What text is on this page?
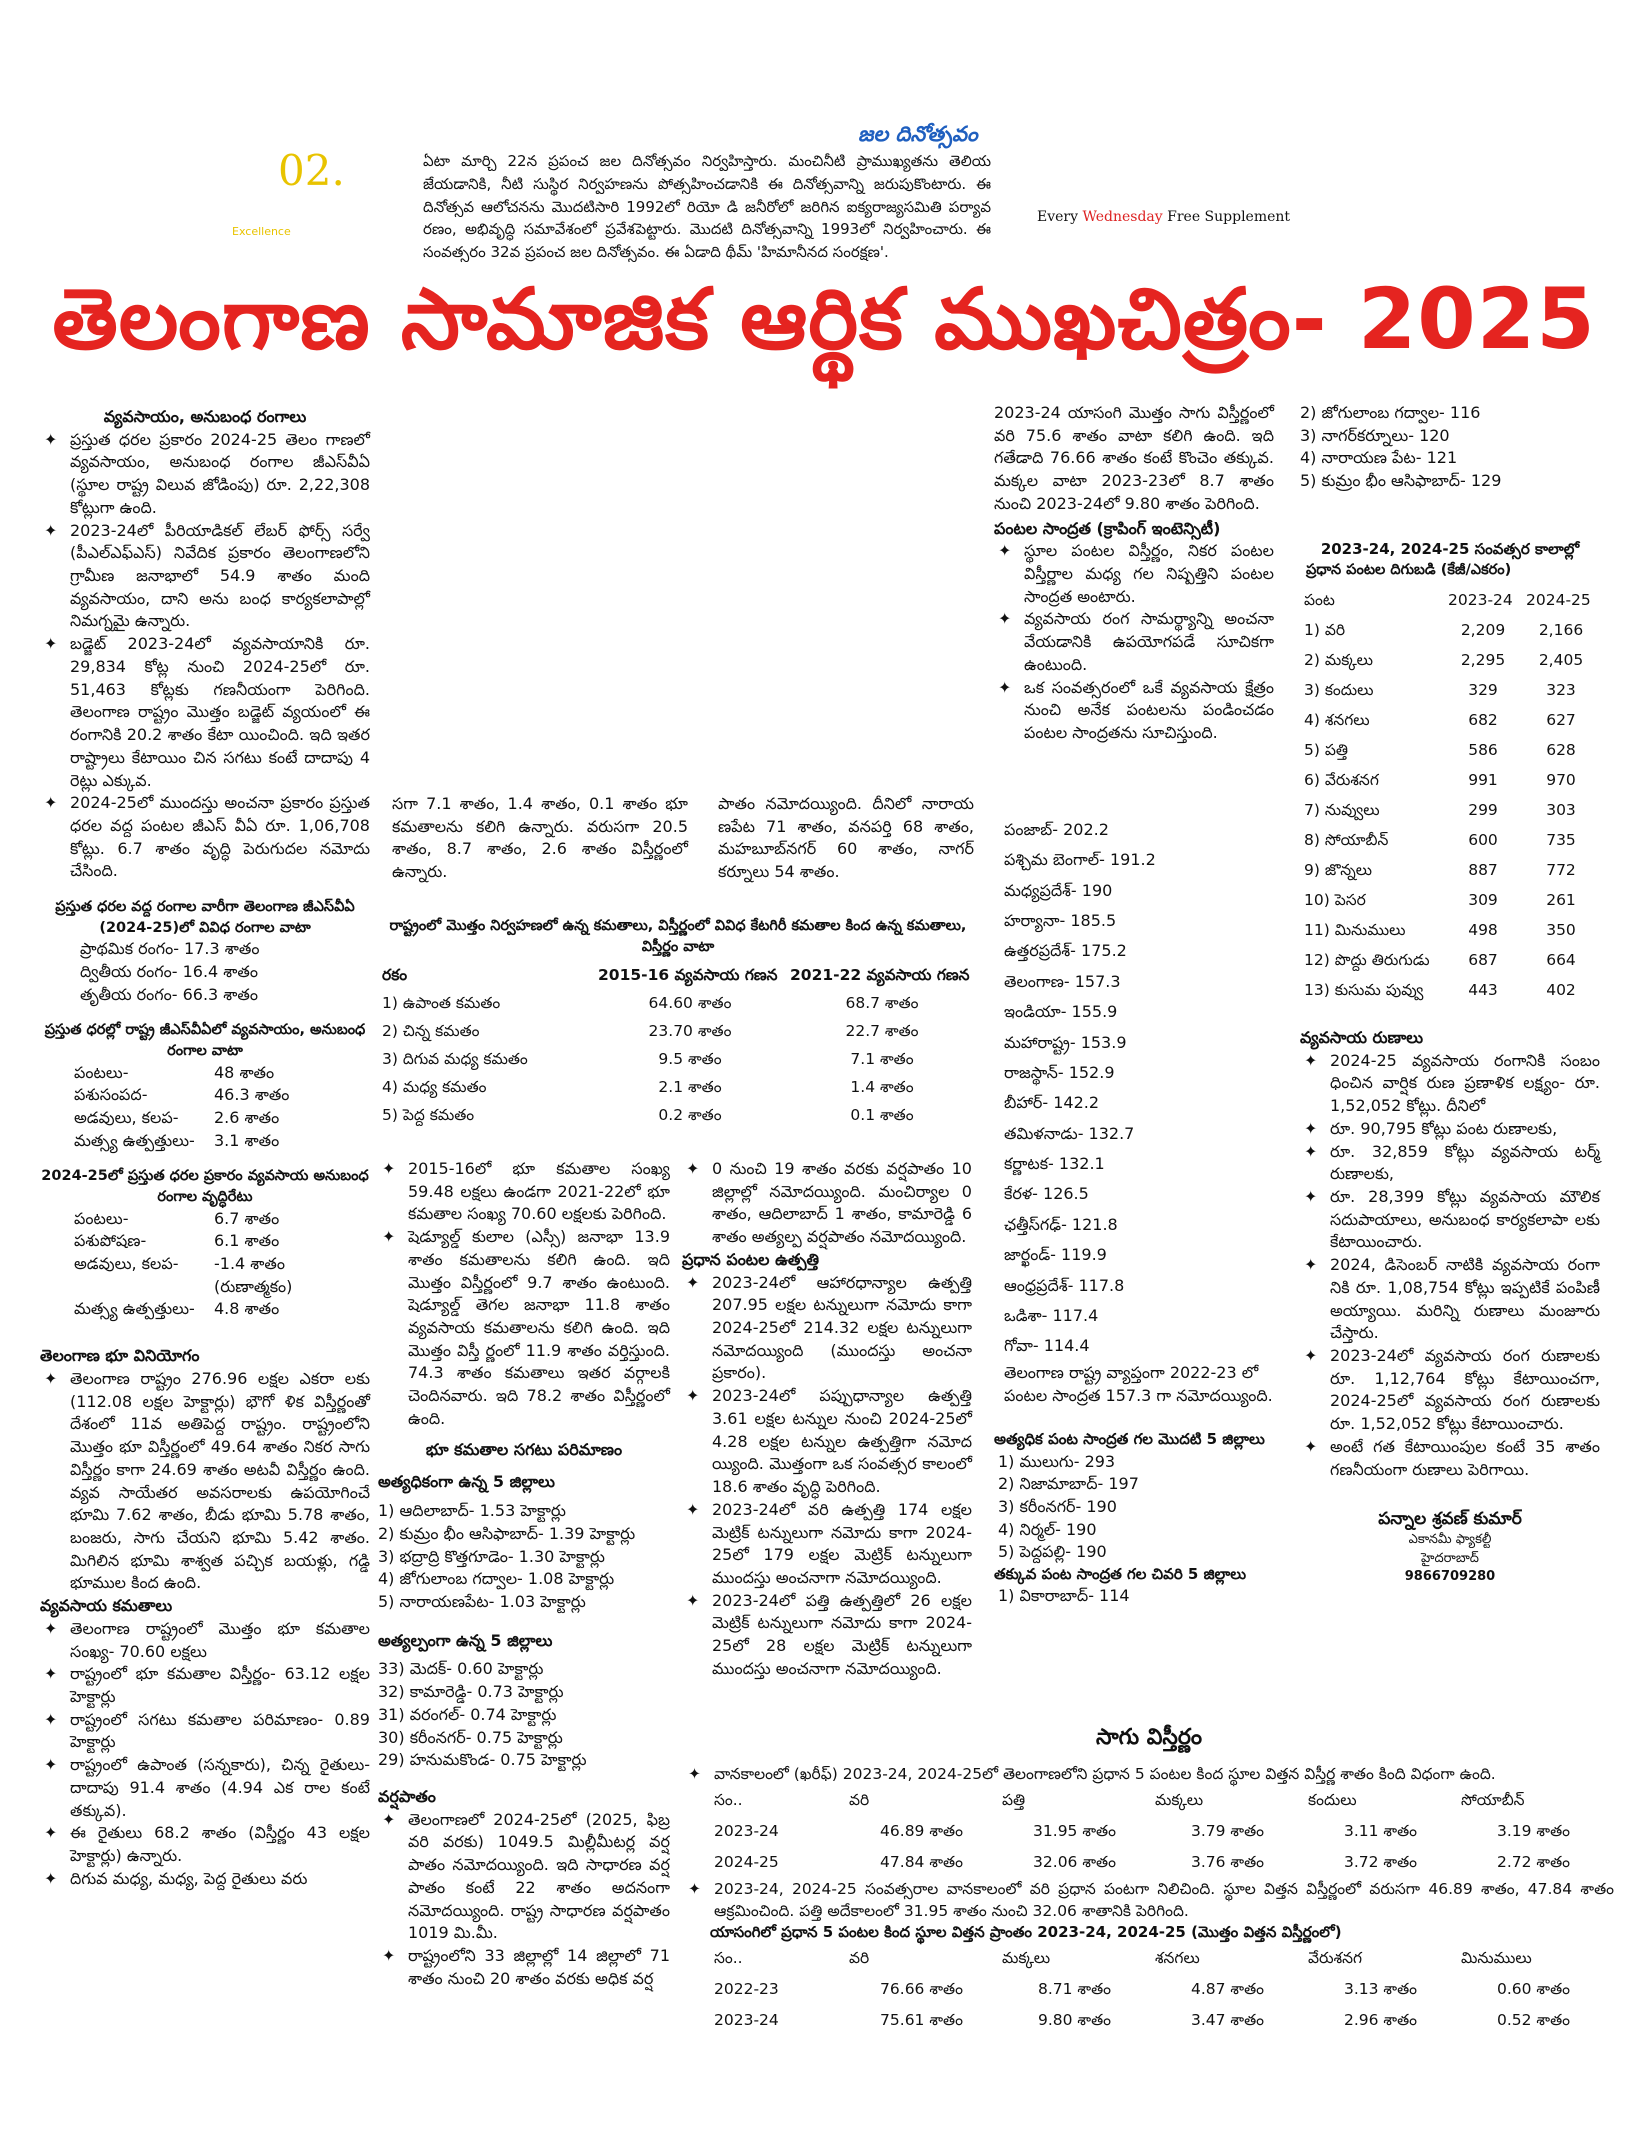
02.
Excellence
జల దినోత్సవం
ఏటా మార్చి 22న ప్రపంచ జల దినోత్సవం నిర్వహిస్తారు. మంచినీటి ప్రాముఖ్యతను తెలియ జేయడానికి, నీటి సుస్థిర నిర్వహణను పోత్సహించడానికి ఈ దినోత్సవాన్ని జరుపుకొంటారు. ఈ దినోత్సవ ఆలోచనను మొదటిసారి 1992లో రియో డి జనీరోలో జరిగిన ఐక్యరాజ్యసమితి పర్యావ రణం, అభివృద్ధి సమావేశంలో ప్రవేశపెట్టారు. మొదటి దినోత్సవాన్ని 1993లో నిర్వహించారు. ఈ సంవత్సరం 32వ ప్రపంచ జల దినోత్సవం. ఈ ఏడాది థీమ్ 'హిమానీనద సంరక్షణ'.
Every Wednesday Free Supplement
తెలంగాణ సామాజిక ఆర్థిక ముఖచిత్రం- 2025

వ్యవసాయం, అనుబంధ రంగాలు

✦ ప్రస్తుత ధరల ప్రకారం 2024-25 తెలం గాణలో వ్యవసాయం, అనుబంధ రంగాల జీఎస్‌వీఏ (స్థూల రాష్ట్ర విలువ జోడింపు) రూ. 2,22,308 కోట్లుగా ఉంది.

✦ 2023-24లో పీరియాడికల్ లేబర్ ఫోర్స్ సర్వే (పీఎల్ఎఫ్ఎస్) నివేదిక ప్రకారం తెలంగాణలోని గ్రామీణ జనాభాలో 54.9 శాతం మంది వ్యవసాయం, దాని అను బంధ కార్యకలాపాల్లో నిమగ్నమై ఉన్నారు.

✦ బడ్జెట్ 2023-24లో వ్యవసాయానికి రూ. 29,834 కోట్ల నుంచి 2024-25లో రూ. 51,463 కోట్లకు గణనీయంగా పెరిగింది. తెలంగాణ రాష్ట్రం మొత్తం బడ్జెట్ వ్యయంలో ఈ రంగానికి 20.2 శాతం కేటా యించింది. ఇది ఇతర రాష్ట్రాలు కేటాయిం చిన సగటు కంటే దాదాపు 4 రెట్లు ఎక్కువ.

✦ 2024-25లో ముందస్తు అంచనా ప్రకారం ప్రస్తుత ధరల వద్ద పంటల జీఎస్ వీఏ రూ. 1,06,708 కోట్లు. 6.7 శాతం వృద్ధి పెరుగుదల నమోదు చేసింది.

ప్రస్తుత ధరల వద్ద రంగాల వారీగా తెలంగాణ జీఎస్‌వీఏ (2024-25)లో వివిధ రంగాల వాటా

ప్రాథమిక రంగం- 17.3 శాతం

ద్వితీయ రంగం- 16.4 శాతం

తృతీయ రంగం- 66.3 శాతం

ప్రస్తుత ధరల్లో రాష్ట్ర జీఎస్‌వీఏలో వ్యవసాయం, అనుబంధ రంగాల వాటా

పంటలు-	48 శాతం
పశుసంపద-	46.3 శాతం
అడవులు, కలప-	2.6 శాతం
మత్స్య ఉత్పత్తులు-	3.1 శాతం

2024-25లో ప్రస్తుత ధరల ప్రకారం వ్యవసాయ అనుబంధ రంగాల వృద్ధిరేటు

పంటలు-	6.7 శాతం
పశుపోషణ-	6.1 శాతం
అడవులు, కలప-	-1.4 శాతం
(రుణాత్మకం)
మత్స్య ఉత్పత్తులు-	4.8 శాతం

తెలంగాణ భూ వినియోగం

✦ తెలంగాణ రాష్ట్రం 276.96 లక్షల ఎకరా లకు (112.08 లక్షల హెక్టార్లు) భౌగో ళిక విస్తీర్ణంతో దేశంలో 11వ అతిపెద్ద రాష్ట్రం. రాష్ట్రంలోని మొత్తం భూ విస్తీర్ణంలో 49.64 శాతం నికర సాగు విస్తీర్ణం కాగా 24.69 శాతం అటవీ విస్తీర్ణం ఉంది. వ్యవ సాయేతర అవసరాలకు ఉపయోగించే భూమి 7.62 శాతం, బీడు భూమి 5.78 శాతం, బంజరు, సాగు చేయని భూమి 5.42 శాతం. మిగిలిన భూమి శాశ్వత పచ్చిక బయళ్లు, గడ్డి భూముల కింద ఉంది.

వ్యవసాయ కమతాలు

✦ తెలంగాణ రాష్ట్రంలో మొత్తం భూ కమతాల సంఖ్య- 70.60 లక్షలు

✦ రాష్ట్రంలో భూ కమతాల విస్తీర్ణం- 63.12 లక్షల హెక్టార్లు

✦ రాష్ట్రంలో సగటు కమతాల పరిమాణం- 0.89 హెక్టార్లు

✦ రాష్ట్రంలో ఉపాంత (సన్నకారు), చిన్న రైతులు- దాదాపు 91.4 శాతం (4.94 ఎక రాల కంటే తక్కువ).

✦ ఈ రైతులు 68.2 శాతం (విస్తీర్ణం 43 లక్షల హెక్టార్లు) ఉన్నారు.

✦ దిగువ మధ్య, మధ్య, పెద్ద రైతులు వరు

సగా 7.1 శాతం, 1.4 శాతం, 0.1 శాతం భూ కమతాలను కలిగి ఉన్నారు. వరుసగా 20.5 శాతం, 8.7 శాతం, 2.6 శాతం విస్తీర్ణంలో ఉన్నారు.

పాతం నమోదయ్యింది. దీనిలో నారాయ ణపేట 71 శాతం, వనపర్తి 68 శాతం, మహబూబ్‌నగర్ 60 శాతం, నాగర్ కర్నూలు 54 శాతం.

రాష్ట్రంలో మొత్తం నిర్వహణలో ఉన్న కమతాలు, విస్తీర్ణంలో వివిధ కేటగిరీ కమతాల కింద ఉన్న కమతాలు, విస్తీర్ణం వాటా

రకం	2015-16 వ్యవసాయ గణన	2021-22 వ్యవసాయ గణన
1) ఉపాంత కమతం	64.60 శాతం	68.7 శాతం
2) చిన్న కమతం	23.70 శాతం	22.7 శాతం
3) దిగువ మధ్య కమతం	9.5 శాతం	7.1 శాతం
4) మధ్య కమతం	2.1 శాతం	1.4 శాతం
5) పెద్ద కమతం	0.2 శాతం	0.1 శాతం

✦ 2015-16లో భూ కమతాల సంఖ్య 59.48 లక్షలు ఉండగా 2021-22లో భూ కమతాల సంఖ్య 70.60 లక్షలకు పెరిగింది.

✦ షెడ్యూల్డ్ కులాల (ఎస్సీ) జనాభా 13.9 శాతం కమతాలను కలిగి ఉంది. ఇది మొత్తం విస్తీర్ణంలో 9.7 శాతం ఉంటుంది. షెడ్యూల్డ్ తెగల జనాభా 11.8 శాతం వ్యవసాయ కమతాలను కలిగి ఉంది. ఇది మొత్తం విస్తీ ర్ణంలో 11.9 శాతం వర్తిస్తుంది. 74.3 శాతం కమతాలు ఇతర వర్గాలకి చెందినవారు. ఇది 78.2 శాతం విస్తీర్ణంలో ఉంది.

భూ కమతాల సగటు పరిమాణం

అత్యధికంగా ఉన్న 5 జిల్లాలు

1) ఆదిలాబాద్- 1.53 హెక్టార్లు

2) కుమ్రం భీం ఆసిఫాబాద్- 1.39 హెక్టార్లు

3) భద్రాద్రి కొత్తగూడెం- 1.30 హెక్టార్లు

4) జోగులాంబ గద్వాల- 1.08 హెక్టార్లు

5) నారాయణపేట- 1.03 హెక్టార్లు

అత్యల్పంగా ఉన్న 5 జిల్లాలు

33) మెదక్- 0.60 హెక్టార్లు

32) కామారెడ్డి- 0.73 హెక్టార్లు

31) వరంగల్- 0.74 హెక్టార్లు

30) కరీంనగర్- 0.75 హెక్టార్లు

29) హనుమకొండ- 0.75 హెక్టార్లు

వర్షపాతం

✦ తెలంగాణలో 2024-25లో (2025, ఫిబ్ర వరి వరకు) 1049.5 మిల్లీమీటర్ల వర్ష పాతం నమోదయ్యింది. ఇది సాధారణ వర్ష పాతం కంటే 22 శాతం అదనంగా నమోదయ్యింది. రాష్ట్ర సాధారణ వర్షపాతం 1019 మి.మీ.

✦ రాష్ట్రంలోని 33 జిల్లాల్లో 14 జిల్లాలో 71 శాతం నుంచి 20 శాతం వరకు అధిక వర్ష

✦ 0 నుంచి 19 శాతం వరకు వర్షపాతం 10 జిల్లాల్లో నమోదయ్యింది. మంచిర్యాల 0 శాతం, ఆదిలాబాద్ 1 శాతం, కామారెడ్డి 6 శాతం అత్యల్ప వర్షపాతం నమోదయ్యింది.

ప్రధాన పంటల ఉత్పత్తి

✦ 2023-24లో ఆహారధాన్యాల ఉత్పత్తి 207.95 లక్షల టన్నులుగా నమోదు కాగా 2024-25లో 214.32 లక్షల టన్నులుగా నమోదయ్యింది (ముందస్తు అంచనా ప్రకారం).

✦ 2023-24లో పప్పుధాన్యాల ఉత్పత్తి 3.61 లక్షల టన్నుల నుంచి 2024-25లో 4.28 లక్షల టన్నుల ఉత్పత్తిగా నమోద య్యింది. మొత్తంగా ఒక సంవత్సర కాలంలో 18.6 శాతం వృద్ధి పెరిగింది.

✦ 2023-24లో వరి ఉత్పత్తి 174 లక్షల మెట్రిక్ టన్నులుగా నమోదు కాగా 2024-25లో 179 లక్షల మెట్రిక్ టన్నులుగా ముందస్తు అంచనాగా నమోదయ్యింది.

✦ 2023-24లో పత్తి ఉత్పత్తిలో 26 లక్షల మెట్రిక్ టన్నులుగా నమోదు కాగా 2024-25లో 28 లక్షల మెట్రిక్ టన్నులుగా ముందస్తు అంచనాగా నమోదయ్యింది.

2023-24 యాసంగి మొత్తం సాగు విస్తీర్ణంలో వరి 75.6 శాతం వాటా కలిగి ఉంది. ఇది గతేడాది 76.66 శాతం కంటే కొంచెం తక్కువ. మక్కల వాటా 2023-23లో 8.7 శాతం నుంచి 2023-24లో 9.80 శాతం పెరిగింది.

పంటల సాంద్రత (క్రాపింగ్ ఇంటెన్సిటీ)

✦ స్థూల పంటల విస్తీర్ణం, నికర పంటల విస్తీర్ణాల మధ్య గల నిష్పత్తిని పంటల సాంద్రత అంటారు.

✦ వ్యవసాయ రంగ సామర్థ్యాన్ని అంచనా వేయడానికి ఉపయోగపడే సూచికగా ఉంటుంది.

✦ ఒక సంవత్సరంలో ఒకే వ్యవసాయ క్షేత్రం నుంచి అనేక పంటలను పండించడం పంటల సాంద్రతను సూచిస్తుంది.

పంజాబ్- 202.2

పశ్చిమ బెంగాల్- 191.2

మధ్యప్రదేశ్- 190

హర్యానా- 185.5

ఉత్తరప్రదేశ్- 175.2

తెలంగాణ- 157.3

ఇండియా- 155.9

మహారాష్ట్ర- 153.9

రాజస్థాన్- 152.9

బీహార్- 142.2

తమిళనాడు- 132.7

కర్ణాటక- 132.1

కేరళ- 126.5

ఛత్తీస్‌గఢ్- 121.8

జార్ఖండ్- 119.9

ఆంధ్రప్రదేశ్- 117.8

ఒడిశా- 117.4

గోవా- 114.4

తెలంగాణ రాష్ట్ర వ్యాప్తంగా 2022-23 లో పంటల సాంద్రత 157.3 గా నమోదయ్యింది.

అత్యధిక పంట సాంద్రత గల మొదటి 5 జిల్లాలు

1) ములుగు- 293

2) నిజామాబాద్- 197

3) కరీంనగర్- 190

4) నిర్మల్- 190

5) పెద్దపల్లి- 190

తక్కువ పంట సాంద్రత గల చివరి 5 జిల్లాలు

1) వికారాబాద్- 114

2) జోగులాంబ గద్వాల- 116

3) నాగర్‌కర్నూలు- 120

4) నారాయణ పేట- 121

5) కుమ్రం భీం ఆసిఫాబాద్- 129

2023-24, 2024-25 సంవత్సర కాలాల్లో

ప్రధాన పంటల దిగుబడి (కేజీ/ఎకరం)

పంట	2023-24	2024-25
1) వరి	2,209	2,166
2) మక్కలు	2,295	2,405
3) కందులు	329	323
4) శనగలు	682	627
5) పత్తి	586	628
6) వేరుశనగ	991	970
7) నువ్వులు	299	303
8) సోయాబీన్	600	735
9) జొన్నలు	887	772
10) పెసర	309	261
11) మినుములు	498	350
12) పొద్దు తిరుగుడు	687	664
13) కుసుమ పువ్వు	443	402

వ్యవసాయ రుణాలు

✦ 2024-25 వ్యవసాయ రంగానికి సంబం ధించిన వార్షిక రుణ ప్రణాళిక లక్ష్యం- రూ. 1,52,052 కోట్లు. దీనిలో

✦ రూ. 90,795 కోట్లు పంట రుణాలకు,

✦ రూ. 32,859 కోట్లు వ్యవసాయ టర్మ్ రుణాలకు,

✦ రూ. 28,399 కోట్లు వ్యవసాయ మౌలిక సదుపాయాలు, అనుబంధ కార్యకలాపా లకు కేటాయించారు.

✦ 2024, డిసెంబర్ నాటికి వ్యవసాయ రంగా నికి రూ. 1,08,754 కోట్లు ఇప్పటికే పంపిణీ అయ్యాయి. మరిన్ని రుణాలు మంజూరు చేస్తారు.

✦ 2023-24లో వ్యవసాయ రంగ రుణాలకు రూ. 1,12,764 కోట్లు కేటాయించగా, 2024-25లో వ్యవసాయ రంగ రుణాలకు రూ. 1,52,052 కోట్లు కేటాయించారు.

✦ అంటే గత కేటాయింపుల కంటే 35 శాతం గణనీయంగా రుణాలు పెరిగాయి.

పన్నాల శ్రవణ్ కుమార్

ఎకానమీ ఫ్యాకల్టీ

హైదరాబాద్

9866709280

సాగు విస్తీర్ణం

✦ వానకాలంలో (ఖరీఫ్) 2023-24, 2024-25లో తెలంగాణలోని ప్రధాన 5 పంటల కింద స్థూల విత్తన విస్తీర్ణ శాతం కింది విధంగా ఉంది.

సం..	వరి	పత్తి	మక్కలు	కందులు	సోయాబీన్
2023-24	46.89 శాతం	31.95 శాతం	3.79 శాతం	3.11 శాతం	3.19 శాతం
2024-25	47.84 శాతం	32.06 శాతం	3.76 శాతం	3.72 శాతం	2.72 శాతం

✦ 2023-24, 2024-25 సంవత్సరాల వానకాలంలో వరి ప్రధాన పంటగా నిలిచింది. స్థూల విత్తన విస్తీర్ణంలో వరుసగా 46.89 శాతం, 47.84 శాతం ఆక్రమించింది. పత్తి అదేకాలంలో 31.95 శాతం నుంచి 32.06 శాతానికి పెరిగింది.

యాసంగిలో ప్రధాన 5 పంటల కింద స్థూల విత్తన ప్రాంతం 2023-24, 2024-25 (మొత్తం విత్తన విస్తీర్ణంలో)

సం..	వరి	మక్కలు	శనగలు	వేరుశనగ	మినుములు
2022-23	76.66 శాతం	8.71 శాతం	4.87 శాతం	3.13 శాతం	0.60 శాతం
2023-24	75.61 శాతం	9.80 శాతం	3.47 శాతం	2.96 శాతం	0.52 శాతం
